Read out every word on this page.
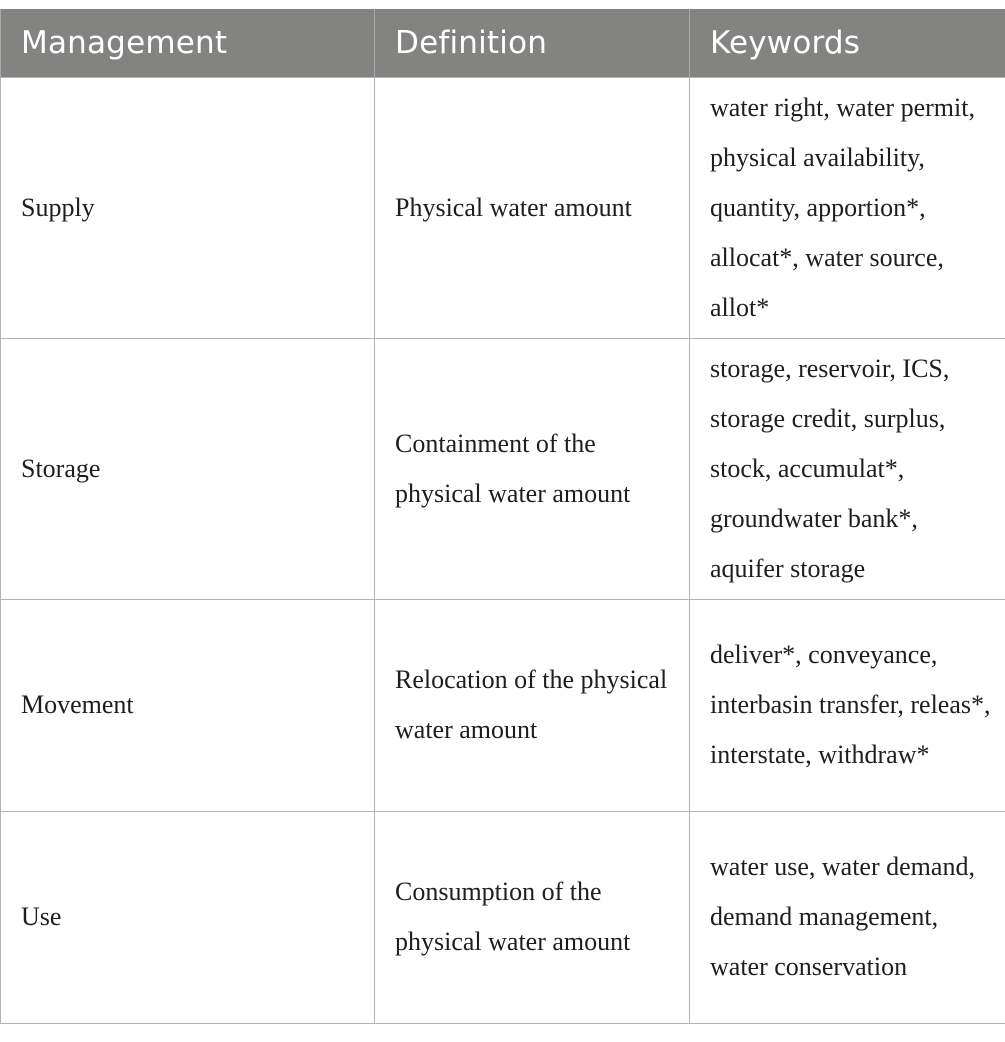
Management	Definition	Keywords
Supply	Physical water amount	water right, water permit, physical availability, quantity, apportion*, allocat*, water source, allot*
Storage	Containment of the physical water amount	storage, reservoir, ICS, storage credit, surplus, stock, accumulat*, groundwater bank*, aquifer storage
Movement	Relocation of the physical water amount	deliver*, conveyance, interbasin transfer, releas*, interstate, withdraw*
Use	Consumption of the physical water amount	water use, water demand, demand management, water conservation
